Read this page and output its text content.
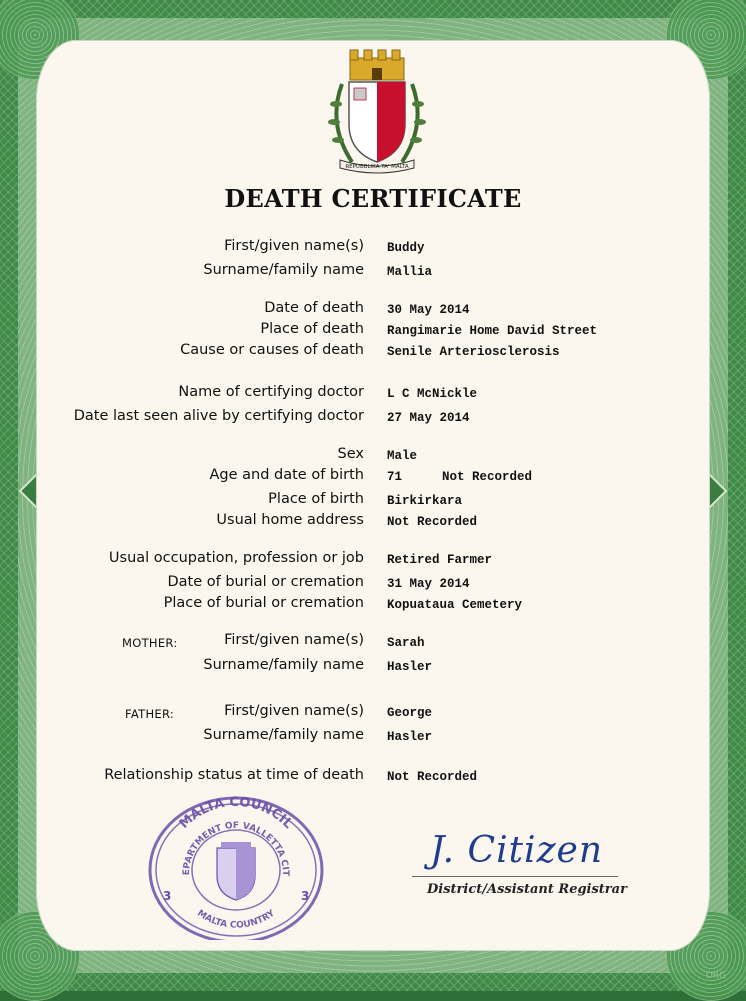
REPUBBLIKA TA' MALTA
DEATH CERTIFICATE
First/given name(s) Buddy
Surname/family name Mallia
Date of death 30 May 2014
Place of death Rangimarie Home David Street
Cause or causes of death Senile Arteriosclerosis
Name of certifying doctor L C McNickle
Date last seen alive by certifying doctor 27 May 2014
Sex Male
Age and date of birth 71	Not Recorded
Place of birth Birkirkara
Usual home address Not Recorded
Usual occupation, profession or job Retired Farmer
Date of burial or cremation 31 May 2014
Place of burial or cremation Kopuataua Cemetery
MOTHER:	First/given name(s) Sarah
Surname/family name Hasler
FATHER:	First/given name(s) George
Surname/family name Hasler
Relationship status at time of death Not Recorded
MALTA COUNCIL
EPARTMENT OF VALLETTA CIT
MALTA COUNTRY
3	3
J. Citizen
District/Assistant Registrar
ORG
